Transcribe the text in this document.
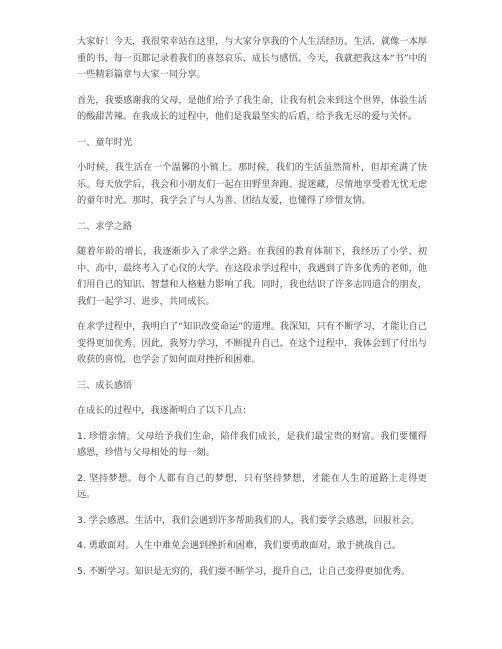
大家好！今天，我很荣幸站在这里，与大家分享我的个人生活经历。生活，就像一本厚重的书，每一页都记录着我们的喜怒哀乐、成长与感悟。今天，我就把我这本“书”中的一些精彩篇章与大家一同分享。

首先，我要感谢我的父母，是他们给予了我生命，让我有机会来到这个世界，体验生活的酸甜苦辣。在我成长的过程中，他们是我最坚实的后盾，给予我无尽的爱与关怀。

一、童年时光

小时候，我生活在一个温馨的小镇上。那时候，我们的生活虽然简朴，但却充满了快乐。每天放学后，我会和小朋友们一起在田野里奔跑、捉迷藏，尽情地享受着无忧无虑的童年时光。那时，我学会了与人为善、团结友爱，也懂得了珍惜友情。

二、求学之路

随着年龄的增长，我逐渐步入了求学之路。在我国的教育体制下，我经历了小学、初中、高中，最终考入了心仪的大学。在这段求学过程中，我遇到了许多优秀的老师，他们用自己的知识、智慧和人格魅力影响了我。同时，我也结识了许多志同道合的朋友，我们一起学习、进步，共同成长。

在求学过程中，我明白了“知识改变命运”的道理。我深知，只有不断学习，才能让自己变得更加优秀。因此，我努力学习，不断提升自己。在这个过程中，我体会到了付出与收获的喜悦，也学会了如何面对挫折和困难。

三、成长感悟

在成长的过程中，我逐渐明白了以下几点：

1. 珍惜亲情。父母给予我们生命，陪伴我们成长，是我们最宝贵的财富。我们要懂得感恩，珍惜与父母相处的每一刻。

2. 坚持梦想。每个人都有自己的梦想，只有坚持梦想，才能在人生的道路上走得更远。

3. 学会感恩。生活中，我们会遇到许多帮助我们的人，我们要学会感恩，回报社会。

4. 勇敢面对。人生中难免会遇到挫折和困难，我们要勇敢面对，敢于挑战自己。

5. 不断学习。知识是无穷的，我们要不断学习，提升自己，让自己变得更加优秀。
